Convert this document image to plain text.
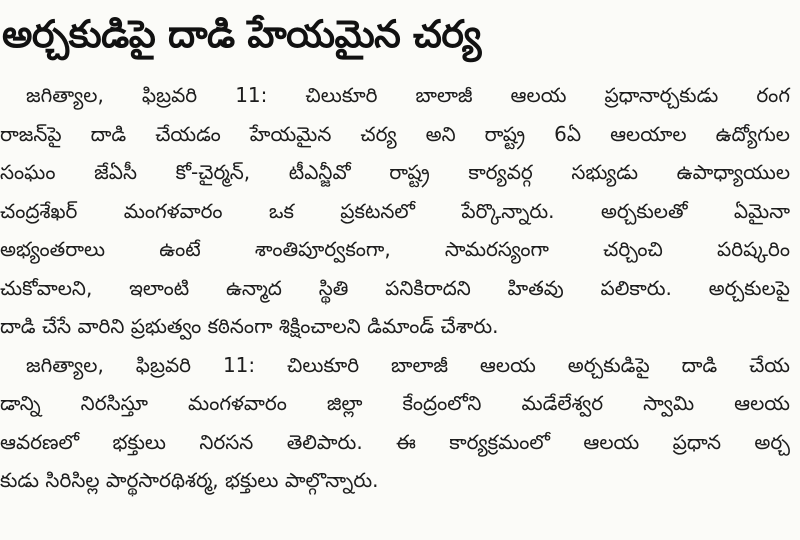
అర్చకుడిపై దాడి హేయమైన చర్య
జగిత్యాల, ఫిబ్రవరి 11: చిలుకూరి బాలాజీ ఆలయ ప్రధానార్చకుడు రంగ
రాజన్‌పై దాడి చేయడం హేయమైన చర్య అని రాష్ట్ర 6ఏ ఆలయాల ఉద్యోగుల
సంఘం జేఏసీ కో-చైర్మన్, టీఎన్జీవో రాష్ట్ర కార్యవర్గ సభ్యుడు ఉపాధ్యాయుల
చంద్రశేఖర్ మంగళవారం ఒక ప్రకటనలో పేర్కొన్నారు. అర్చకులతో ఏమైనా
అభ్యంతరాలు ఉంటే శాంతిపూర్వకంగా, సామరస్యంగా చర్చించి పరిష్కరిం
చుకోవాలని, ఇలాంటి ఉన్మాద స్థితి పనికిరాదని హితవు పలికారు. అర్చకులపై
దాడి చేసే వారిని ప్రభుత్వం కఠినంగా శిక్షించాలని డిమాండ్ చేశారు.
జగిత్యాల, ఫిబ్రవరి 11: చిలుకూరి బాలాజీ ఆలయ అర్చకుడిపై దాడి చేయ
డాన్ని నిరసిస్తూ మంగళవారం జిల్లా కేంద్రంలోని మడేలేశ్వర స్వామి ఆలయ
ఆవరణలో భక్తులు నిరసన తెలిపారు. ఈ కార్యక్రమంలో ఆలయ ప్రధాన అర్చ
కుడు సిరిసిల్ల పార్థసారథిశర్మ, భక్తులు పాల్గొన్నారు.
